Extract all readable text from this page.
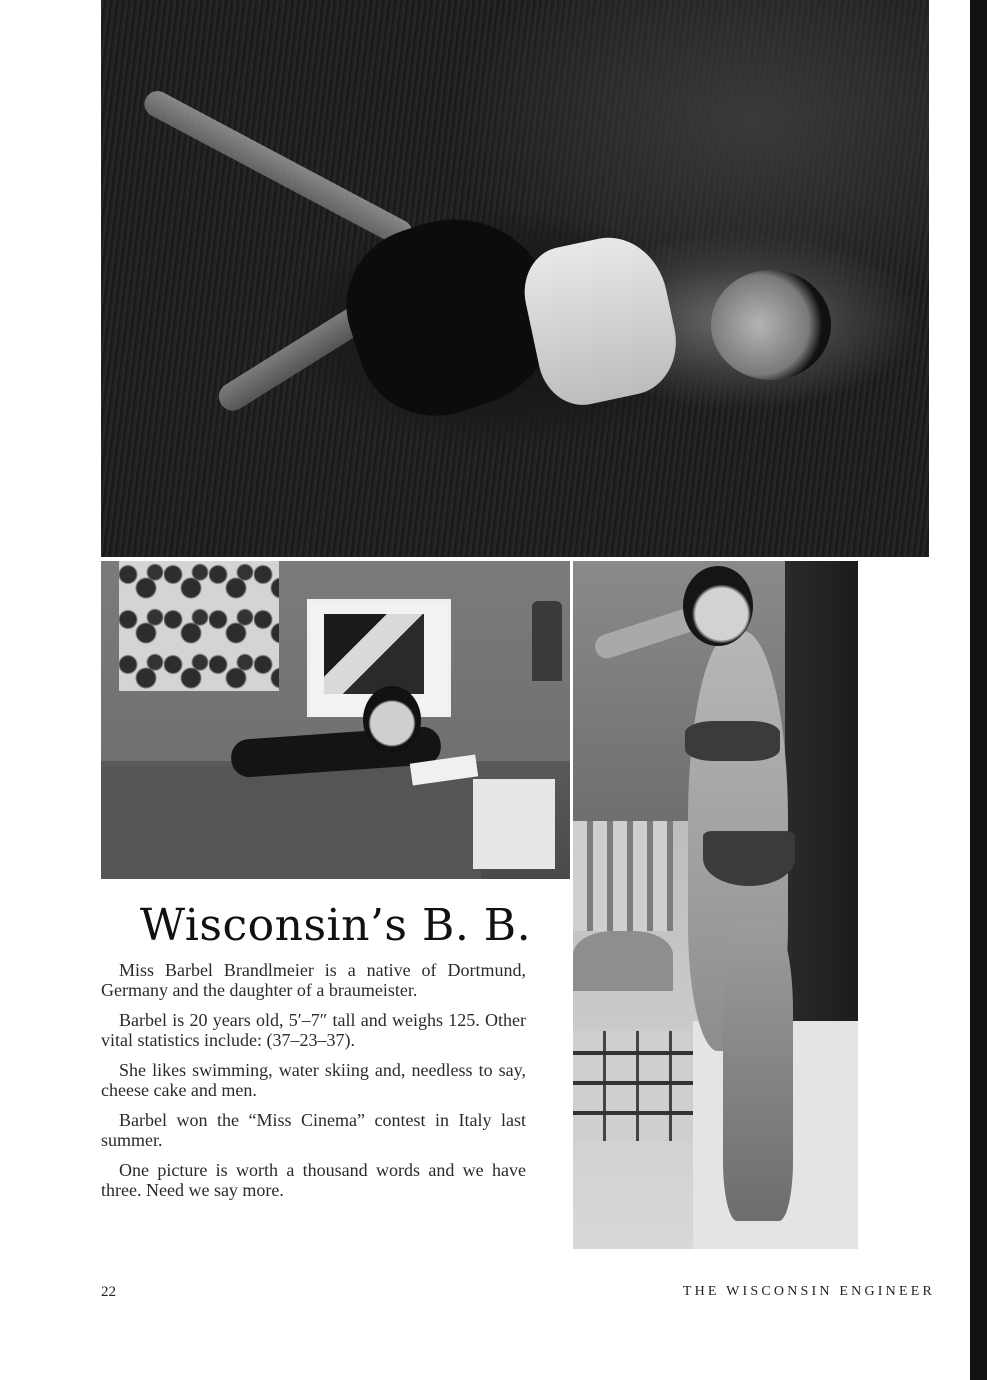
Wisconsin’s B. B.

Miss Barbel Brandlmeier is a native of Dortmund, Germany and the daughter of a braumeister.

Barbel is 20 years old, 5′–7″ tall and weighs 125. Other vital statistics include: (37–23–37).

She likes swimming, water skiing and, needless to say, cheese cake and men.

Barbel won the “Miss Cinema” contest in Italy last summer.

One picture is worth a thousand words and we have three. Need we say more.

22	THE WISCONSIN ENGINEER
